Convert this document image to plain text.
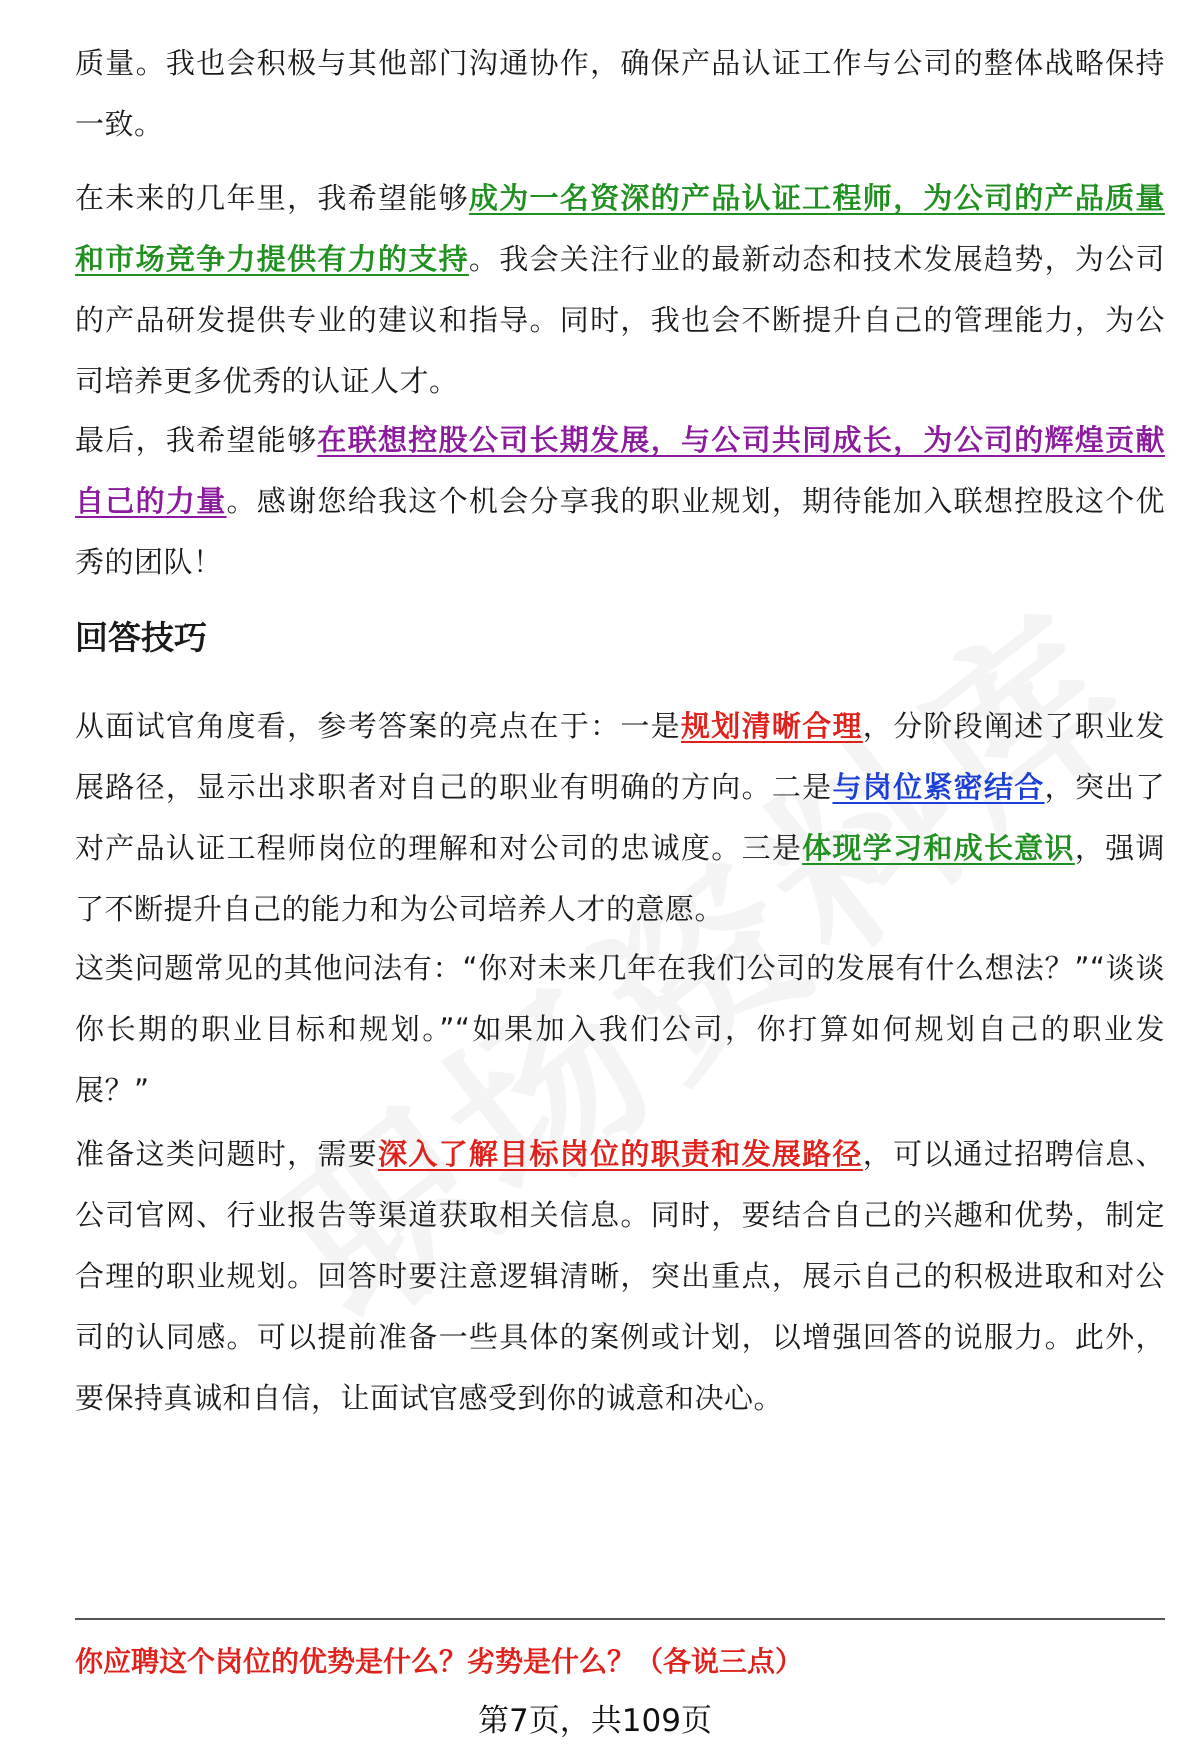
质量。我也会积极与其他部门沟通协作，确保产品认证工作与公司的整体战略保持一致。

在未来的几年里，我希望能够成为一名资深的产品认证工程师，为公司的产品质量和市场竞争力提供有力的支持。我会关注行业的最新动态和技术发展趋势，为公司的产品研发提供专业的建议和指导。同时，我也会不断提升自己的管理能力，为公司培养更多优秀的认证人才。

最后，我希望能够在联想控股公司长期发展，与公司共同成长，为公司的辉煌贡献自己的力量。感谢您给我这个机会分享我的职业规划，期待能加入联想控股这个优秀的团队！

回答技巧

从面试官角度看，参考答案的亮点在于：一是规划清晰合理，分阶段阐述了职业发展路径，显示出求职者对自己的职业有明确的方向。二是与岗位紧密结合，突出了对产品认证工程师岗位的理解和对公司的忠诚度。三是体现学习和成长意识，强调了不断提升自己的能力和为公司培养人才的意愿。

这类问题常见的其他问法有：“你对未来几年在我们公司的发展有什么想法？”“谈谈你长期的职业目标和规划。”“如果加入我们公司，你打算如何规划自己的职业发展？”

准备这类问题时，需要深入了解目标岗位的职责和发展路径，可以通过招聘信息、公司官网、行业报告等渠道获取相关信息。同时，要结合自己的兴趣和优势，制定合理的职业规划。回答时要注意逻辑清晰，突出重点，展示自己的积极进取和对公司的认同感。可以提前准备一些具体的案例或计划，以增强回答的说服力。此外，要保持真诚和自信，让面试官感受到你的诚意和决心。

你应聘这个岗位的优势是什么？劣势是什么？（各说三点）
第7页，共109页
